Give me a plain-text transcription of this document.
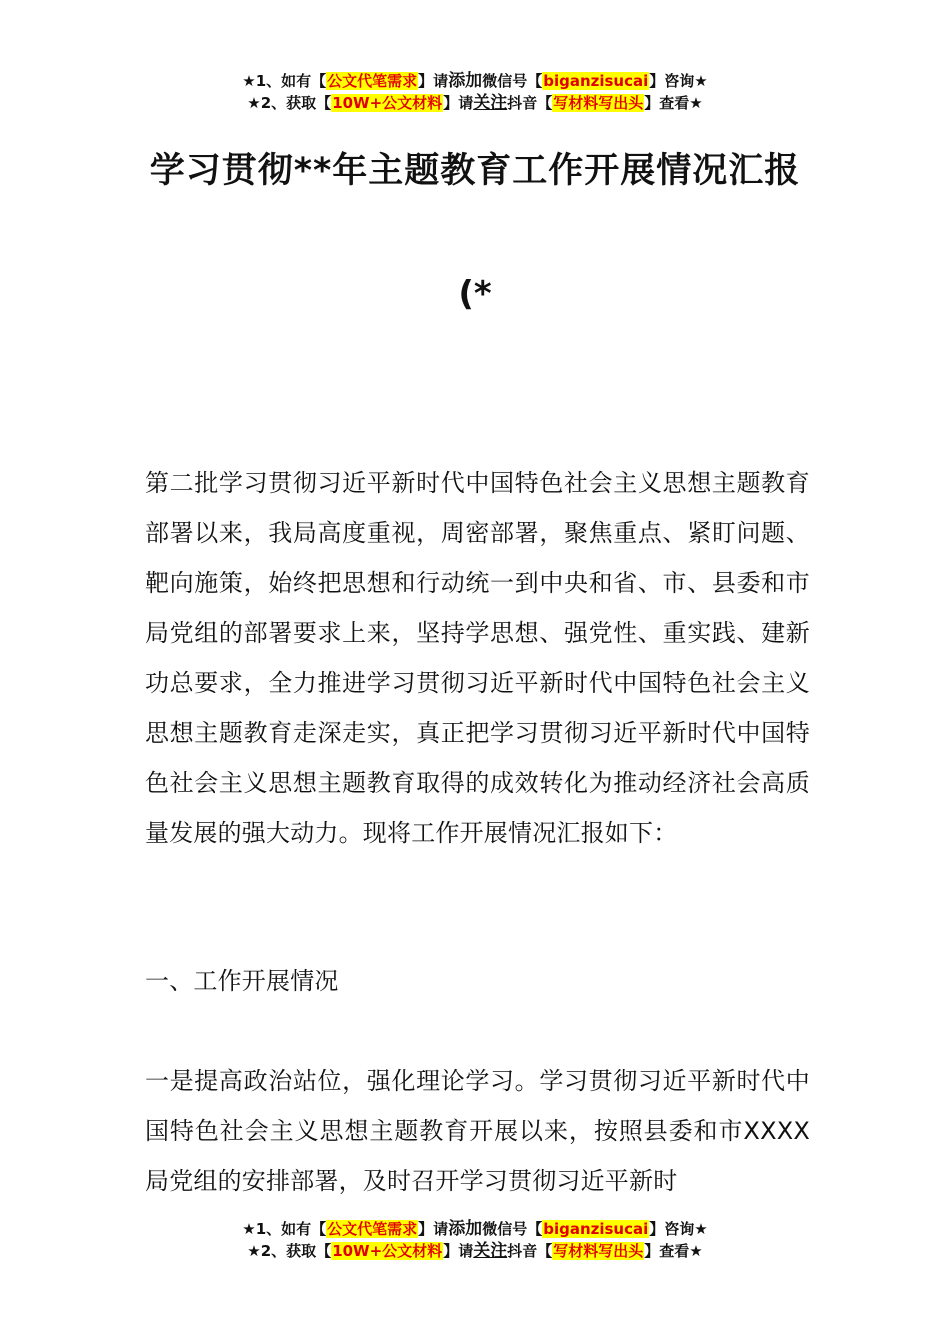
★1、如有【公文代笔需求】请添加微信号【biganzisucai】咨询★
★2、获取【10W+公文材料】请关注抖音【写材料写出头】查看★
学习贯彻**年主题教育工作开展情况汇报
(*

第二批学习贯彻习近平新时代中国特色社会主义思想主题教育部署以来，我局高度重视，周密部署，聚焦重点、紧盯问题、靶向施策，始终把思想和行动统一到中央和省、市、县委和市局党组的部署要求上来，坚持学思想、强党性、重实践、建新功总要求，全力推进学习贯彻习近平新时代中国特色社会主义思想主题教育走深走实，真正把学习贯彻习近平新时代中国特色社会主义思想主题教育取得的成效转化为推动经济社会高质量发展的强大动力。现将工作开展情况汇报如下：

一、工作开展情况

一是提高政治站位，强化理论学习。学习贯彻习近平新时代中国特色社会主义思想主题教育开展以来，按照县委和市XXXX局党组的安排部署，及时召开学习贯彻习近平新时

★1、如有【公文代笔需求】请添加微信号【biganzisucai】咨询★
★2、获取【10W+公文材料】请关注抖音【写材料写出头】查看★
